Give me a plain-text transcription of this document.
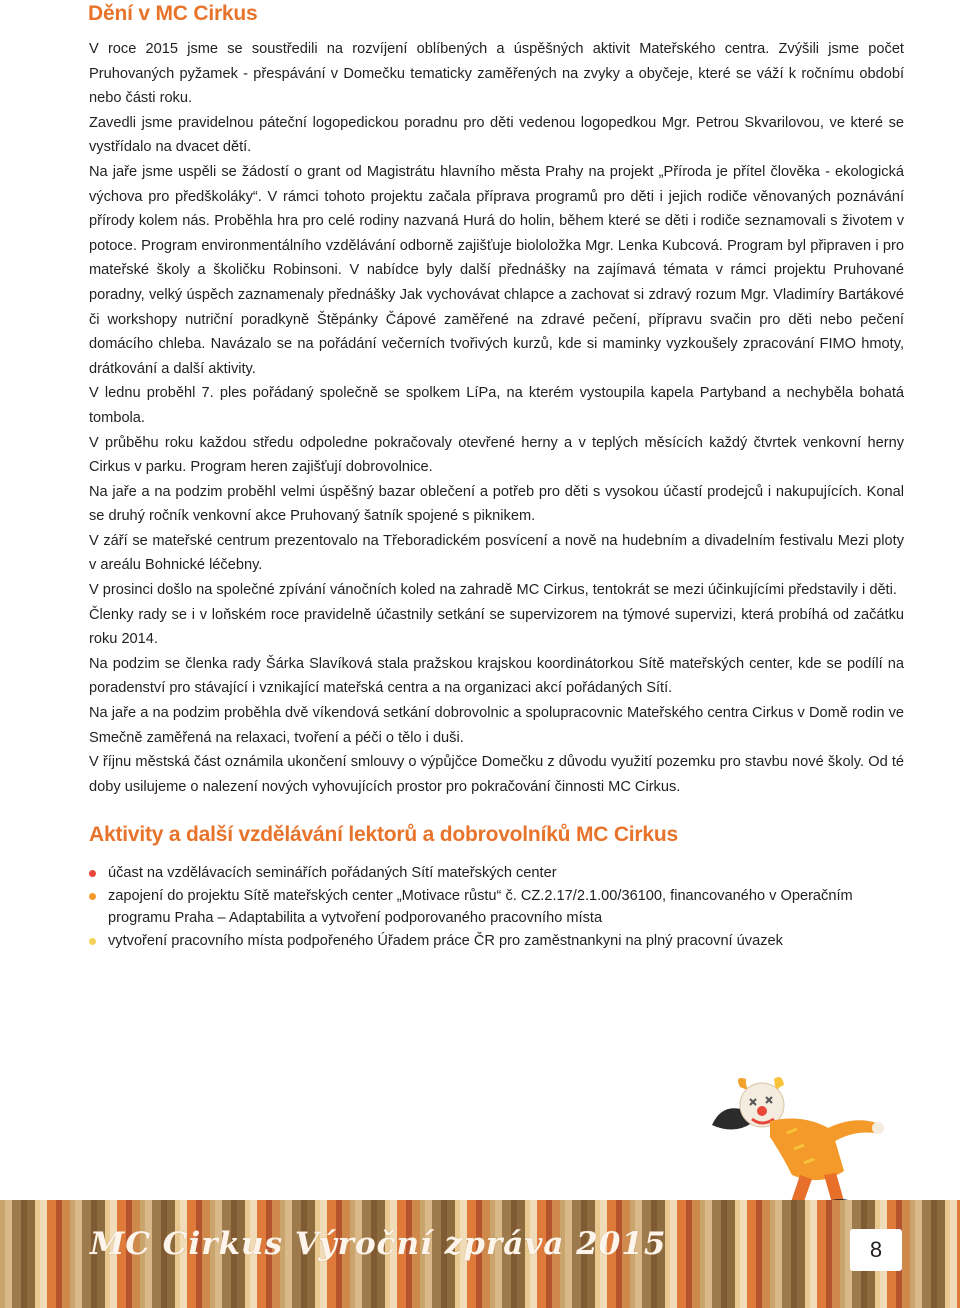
Dění v MC Cirkus

V roce 2015 jsme se soustředili na rozvíjení oblíbených a úspěšných aktivit Mateřského centra. Zvýšili jsme počet Pruhovaných pyžamek - přespávání v Domečku tematicky zaměřených na zvyky a obyčeje, které se váží k ročnímu období nebo části roku.

Zavedli jsme pravidelnou páteční logopedickou poradnu pro děti vedenou logopedkou Mgr. Petrou Skvarilovou, ve které se vystřídalo na dvacet dětí.

Na jaře jsme uspěli se žádostí o grant od Magistrátu hlavního města Prahy na projekt „Příroda je přítel člověka - ekologická výchova pro předškoláky“. V rámci tohoto projektu začala příprava programů pro děti i jejich rodiče věnovaných poznávání přírody kolem nás. Proběhla hra pro celé rodiny nazvaná Hurá do holin, během které se děti i rodiče seznamovali s životem v potoce. Program environmentálního vzdělávání odborně zajišťuje biololožka Mgr. Lenka Kubcová. Program byl připraven i pro mateřské školy a školičku Robinsoni. V nabídce byly další přednášky na zajímavá témata v rámci projektu Pruhované poradny, velký úspěch zaznamenaly přednášky Jak vychovávat chlapce a zachovat si zdravý rozum Mgr. Vladimíry Bartákové či workshopy nutriční poradkyně Štěpánky Čápové zaměřené na zdravé pečení, přípravu svačin pro děti nebo pečení domácího chleba. Navázalo se na pořádání večerních tvořivých kurzů, kde si maminky vyzkoušely zpracování FIMO hmoty, drátkování a další aktivity.

V lednu proběhl 7. ples pořádaný společně se spolkem LíPa, na kterém vystoupila kapela Partyband a nechyběla bohatá tombola.

V průběhu roku každou středu odpoledne pokračovaly otevřené herny a v teplých měsících každý čtvrtek venkovní herny Cirkus v parku. Program heren zajišťují dobrovolnice.

Na jaře a na podzim proběhl velmi úspěšný bazar oblečení a potřeb pro děti s vysokou účastí prodejců i nakupujících. Konal se druhý ročník venkovní akce Pruhovaný šatník spojené s piknikem.

V září se mateřské centrum prezentovalo na Třeboradickém posvícení a nově na hudebním a divadelním festivalu Mezi ploty v areálu Bohnické léčebny.

V prosinci došlo na společné zpívání vánočních koled na zahradě MC Cirkus, tentokrát se mezi účinkujícími představily i děti.

Členky rady se i v loňském roce pravidelně účastnily setkání se supervizorem na týmové supervizi, která probíhá od začátku roku 2014.

Na podzim se členka rady Šárka Slavíková stala pražskou krajskou koordinátorkou Sítě mateřských center, kde se podílí na poradenství pro stávající i vznikající mateřská centra a na organizaci akcí pořádaných Sítí.

Na jaře a na podzim proběhla dvě víkendová setkání dobrovolnic a spolupracovnic Mateřského centra Cirkus v Domě rodin ve Smečně zaměřená na relaxaci, tvoření a péči o tělo i duši.

V říjnu městská část oznámila ukončení smlouvy o výpůjčce Domečku z důvodu využití pozemku pro stavbu nové školy. Od té doby usilujeme o nalezení nových vyhovujících prostor pro pokračování činnosti MC Cirkus.

Aktivity a další vzdělávání lektorů a dobrovolníků MC Cirkus
účast na vzdělávacích seminářích pořádaných Sítí mateřských center
zapojení do projektu Sítě mateřských center „Motivace růstu“ č. CZ.2.17/2.1.00/36100, financovaného v Operačním programu Praha – Adaptabilita a vytvoření podporovaného pracovního místa
vytvoření pracovního místa podpořeného Úřadem práce ČR pro zaměstnankyni na plný pracovní úvazek
MC Cirkus Výroční zpráva 2015	8
